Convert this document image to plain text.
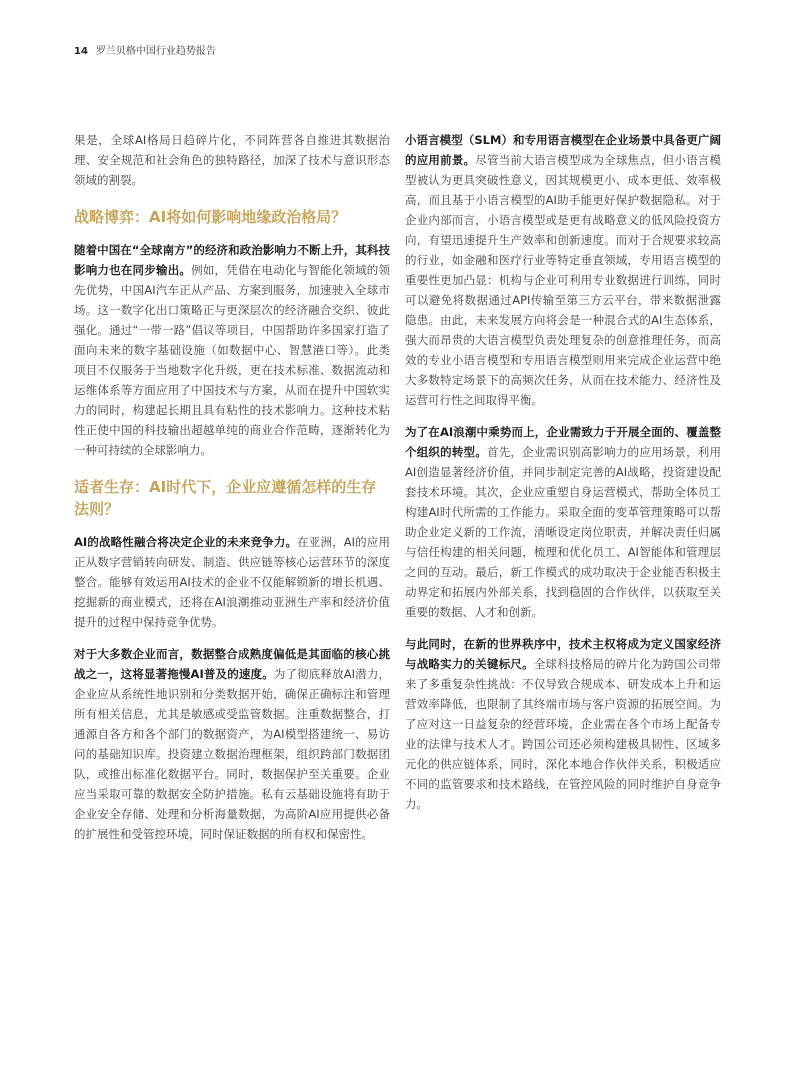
14 罗兰贝格中国行业趋势报告

果是，全球AI格局日趋碎片化，不同阵营各自推进其数据治理、安全规范和社会角色的独特路径，加深了技术与意识形态领域的割裂。

战略博弈：AI将如何影响地缘政治格局？

随着中国在“全球南方”的经济和政治影响力不断上升，其科技影响力也在同步输出。例如，凭借在电动化与智能化领域的领先优势，中国AI汽车正从产品、方案到服务，加速驶入全球市场。这一数字化出口策略正与更深层次的经济融合交织、彼此强化。通过“一带一路”倡议等项目，中国帮助许多国家打造了面向未来的数字基础设施（如数据中心、智慧港口等）。此类项目不仅服务于当地数字化升级，更在技术标准、数据流动和运维体系等方面应用了中国技术与方案，从而在提升中国软实力的同时，构建起长期且具有粘性的技术影响力。这种技术粘性正使中国的科技输出超越单纯的商业合作范畴，逐渐转化为一种可持续的全球影响力。

适者生存：AI时代下，企业应遵循怎样的生存法则？

AI的战略性融合将决定企业的未来竞争力。在亚洲，AI的应用正从数字营销转向研发、制造、供应链等核心运营环节的深度整合。能够有效运用AI技术的企业不仅能解锁新的增长机遇、挖掘新的商业模式，还将在AI浪潮推动亚洲生产率和经济价值提升的过程中保持竞争优势。

对于大多数企业而言，数据整合成熟度偏低是其面临的核心挑战之一，这将显著拖慢AI普及的速度。为了彻底释放AI潜力，企业应从系统性地识别和分类数据开始，确保正确标注和管理所有相关信息，尤其是敏感或受监管数据。注重数据整合，打通源自各方和各个部门的数据资产，为AI模型搭建统一、易访问的基础知识库。投资建立数据治理框架，组织跨部门数据团队，或推出标准化数据平台。同时，数据保护至关重要。企业应当采取可靠的数据安全防护措施。私有云基础设施将有助于企业安全存储、处理和分析海量数据，为高阶AI应用提供必备的扩展性和受管控环境，同时保证数据的所有权和保密性。

小语言模型（SLM）和专用语言模型在企业场景中具备更广阔的应用前景。尽管当前大语言模型成为全球焦点，但小语言模型被认为更具突破性意义，因其规模更小、成本更低、效率极高，而且基于小语言模型的AI助手能更好保护数据隐私。对于企业内部而言，小语言模型或是更有战略意义的低风险投资方向，有望迅速提升生产效率和创新速度。而对于合规要求较高的行业，如金融和医疗行业等特定垂直领域，专用语言模型的重要性更加凸显：机构与企业可利用专业数据进行训练，同时可以避免将数据通过API传输至第三方云平台，带来数据泄露隐患。由此，未来发展方向将会是一种混合式的AI生态体系，强大而昂贵的大语言模型负责处理复杂的创意推理任务，而高效的专业小语言模型和专用语言模型则用来完成企业运营中绝大多数特定场景下的高频次任务，从而在技术能力、经济性及运营可行性之间取得平衡。

为了在AI浪潮中乘势而上，企业需致力于开展全面的、覆盖整个组织的转型。首先，企业需识别高影响力的应用场景，利用AI创造显著经济价值，并同步制定完善的AI战略，投资建设配套技术环境。其次，企业应重塑自身运营模式，帮助全体员工构建AI时代所需的工作能力。采取全面的变革管理策略可以帮助企业定义新的工作流，清晰设定岗位职责，并解决责任归属与信任构建的相关问题，梳理和优化员工、AI智能体和管理层之间的互动。最后，新工作模式的成功取决于企业能否积极主动界定和拓展内外部关系，找到稳固的合作伙伴，以获取至关重要的数据、人才和创新。

与此同时，在新的世界秩序中，技术主权将成为定义国家经济与战略实力的关键标尺。全球科技格局的碎片化为跨国公司带来了多重复杂性挑战：不仅导致合规成本、研发成本上升和运营效率降低，也限制了其终端市场与客户资源的拓展空间。为了应对这一日益复杂的经营环境，企业需在各个市场上配备专业的法律与技术人才。跨国公司还必须构建极具韧性、区域多元化的供应链体系，同时，深化本地合作伙伴关系，积极适应不同的监管要求和技术路线，在管控风险的同时维护自身竞争力。
